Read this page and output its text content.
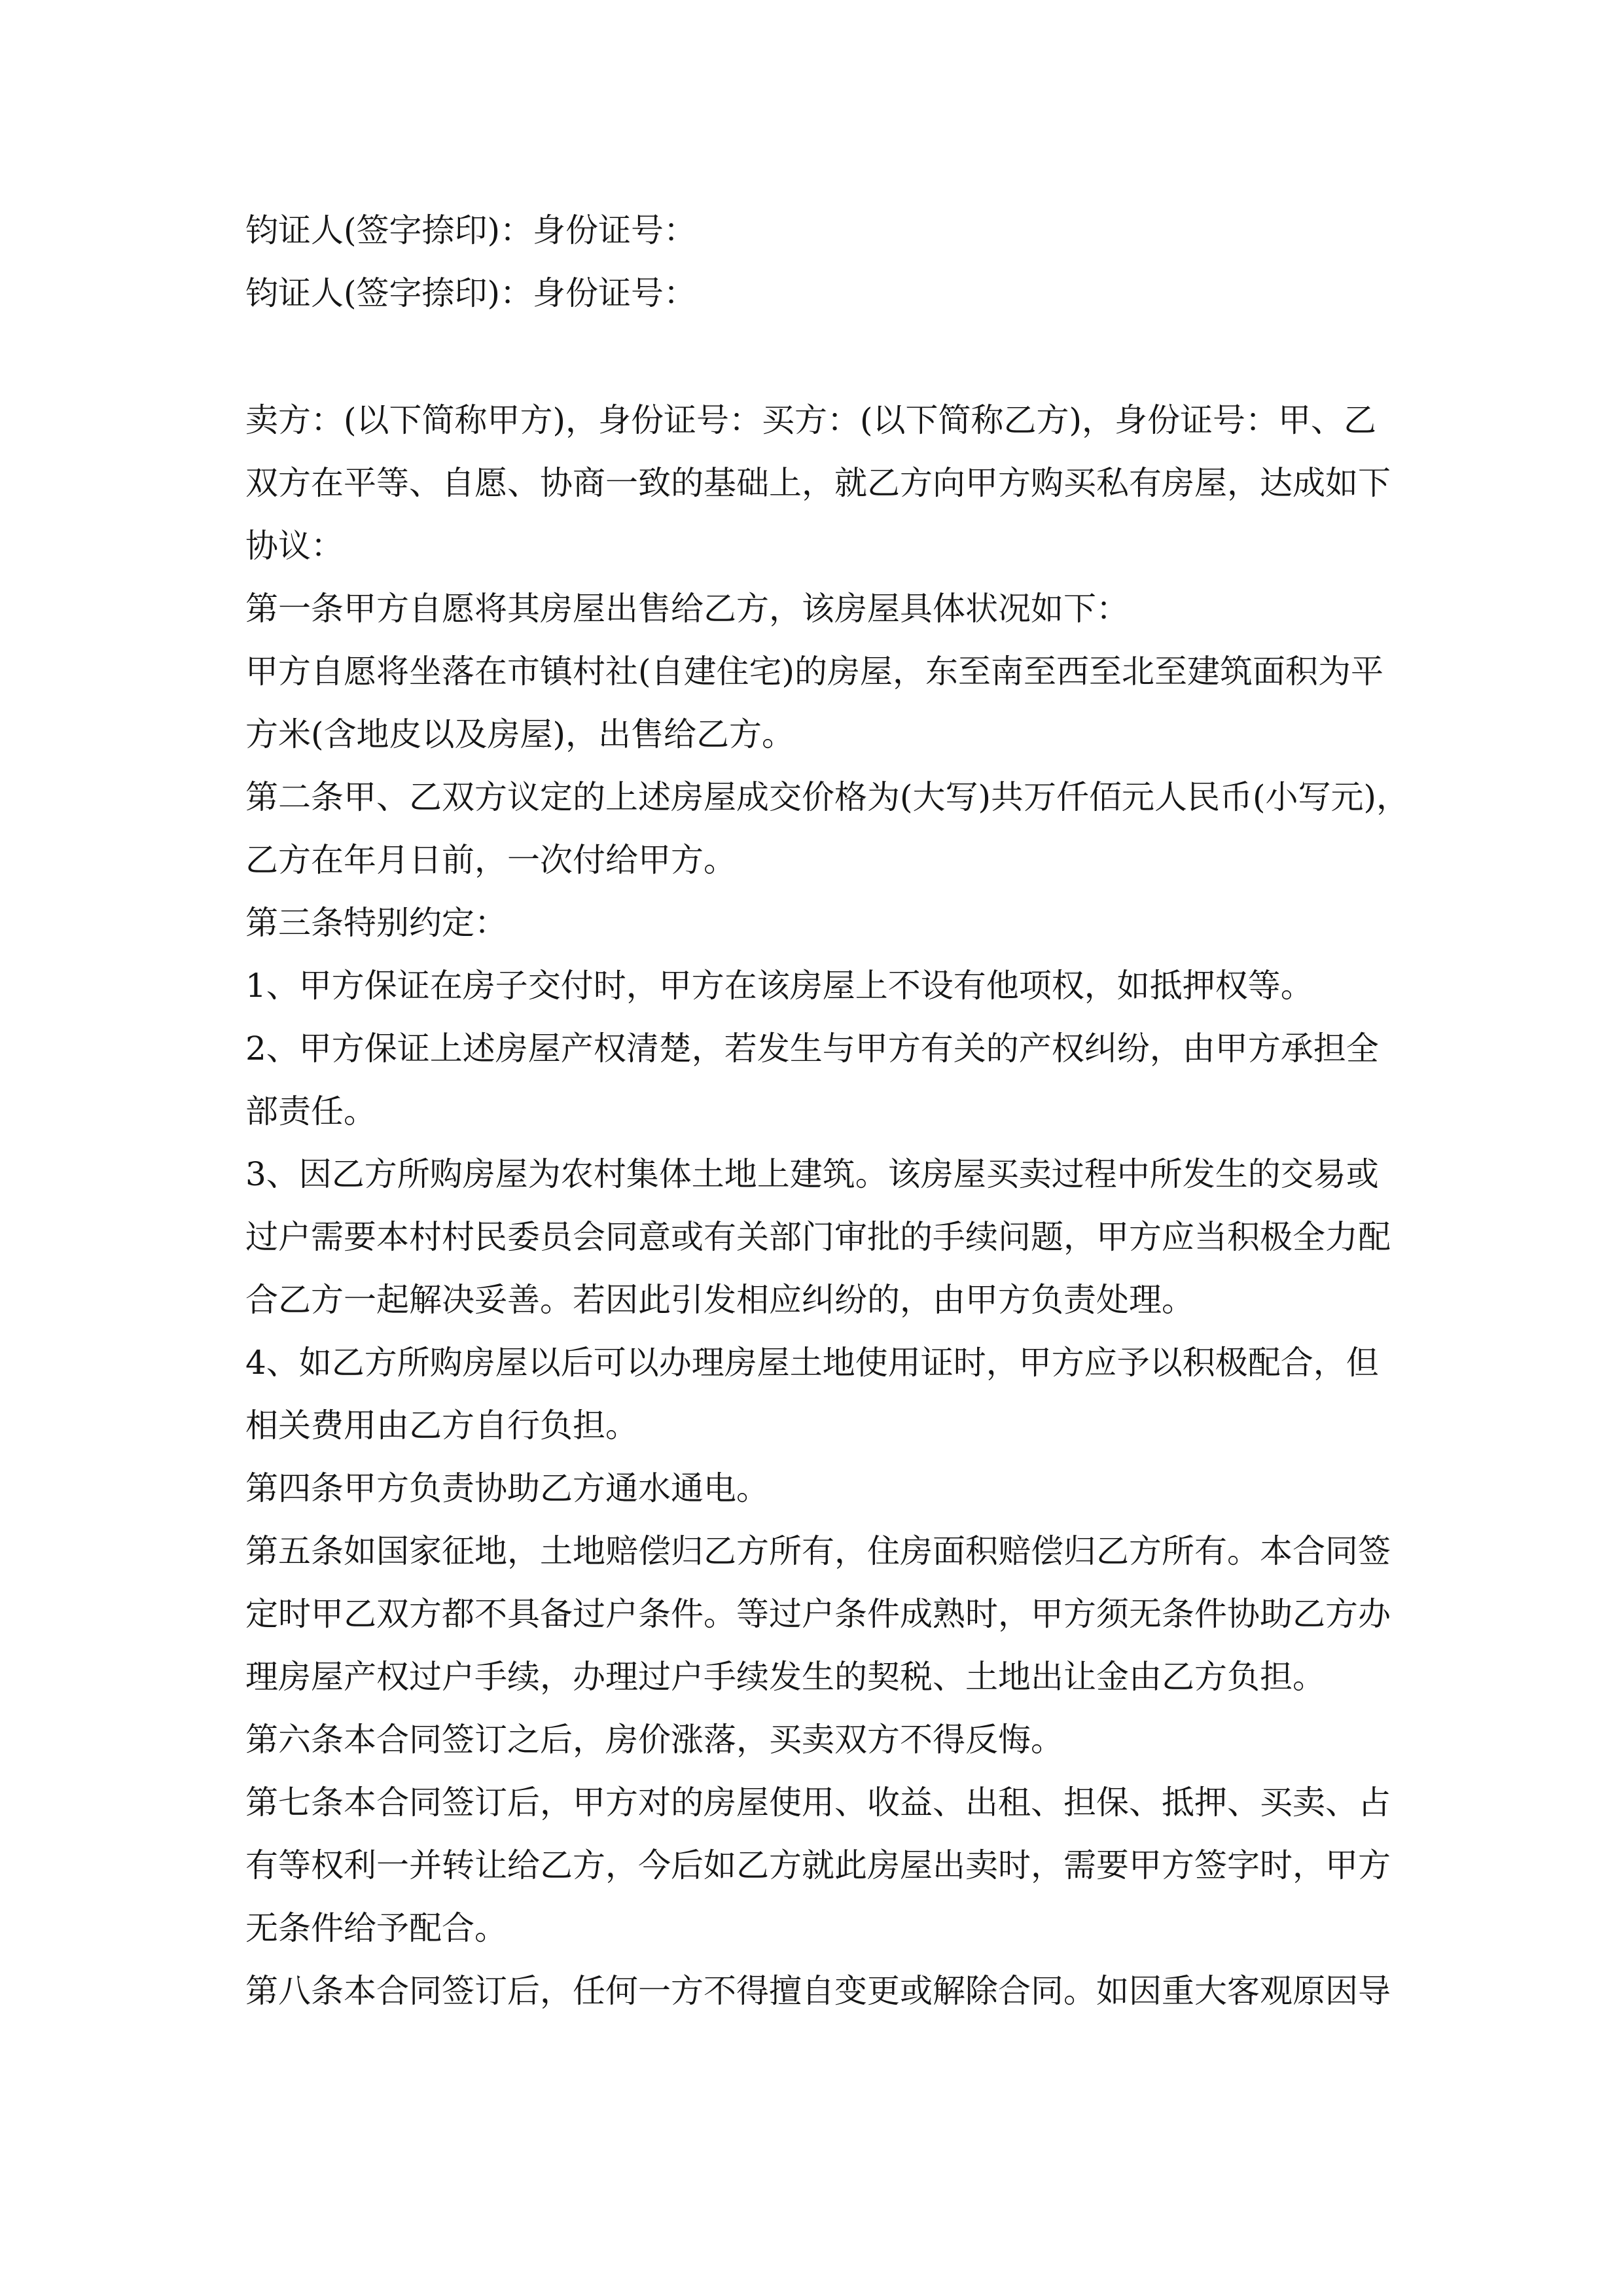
钧证人(签字捺印)：身份证号：
钧证人(签字捺印)：身份证号：
卖方：(以下简称甲方)，身份证号：买方：(以下简称乙方)，身份证号：甲、乙
双方在平等、自愿、协商一致的基础上，就乙方向甲方购买私有房屋，达成如下
协议：
第一条甲方自愿将其房屋出售给乙方，该房屋具体状况如下：
甲方自愿将坐落在市镇村社(自建住宅)的房屋，东至南至西至北至建筑面积为平
方米(含地皮以及房屋)，出售给乙方。
第二条甲、乙双方议定的上述房屋成交价格为(大写)共万仟佰元人民币(小写元)，
乙方在年月日前，一次付给甲方。
第三条特别约定：
1、甲方保证在房子交付时，甲方在该房屋上不设有他项权，如抵押权等。
2、甲方保证上述房屋产权清楚，若发生与甲方有关的产权纠纷，由甲方承担全
部责任。
3、因乙方所购房屋为农村集体土地上建筑。该房屋买卖过程中所发生的交易或
过户需要本村村民委员会同意或有关部门审批的手续问题，甲方应当积极全力配
合乙方一起解决妥善。若因此引发相应纠纷的，由甲方负责处理。
4、如乙方所购房屋以后可以办理房屋土地使用证时，甲方应予以积极配合，但
相关费用由乙方自行负担。
第四条甲方负责协助乙方通水通电。
第五条如国家征地，土地赔偿归乙方所有，住房面积赔偿归乙方所有。本合同签
定时甲乙双方都不具备过户条件。等过户条件成熟时，甲方须无条件协助乙方办
理房屋产权过户手续，办理过户手续发生的契税、土地出让金由乙方负担。
第六条本合同签订之后，房价涨落，买卖双方不得反悔。
第七条本合同签订后，甲方对的房屋使用、收益、出租、担保、抵押、买卖、占
有等权利一并转让给乙方，今后如乙方就此房屋出卖时，需要甲方签字时，甲方
无条件给予配合。
第八条本合同签订后，任何一方不得擅自变更或解除合同。如因重大客观原因导
